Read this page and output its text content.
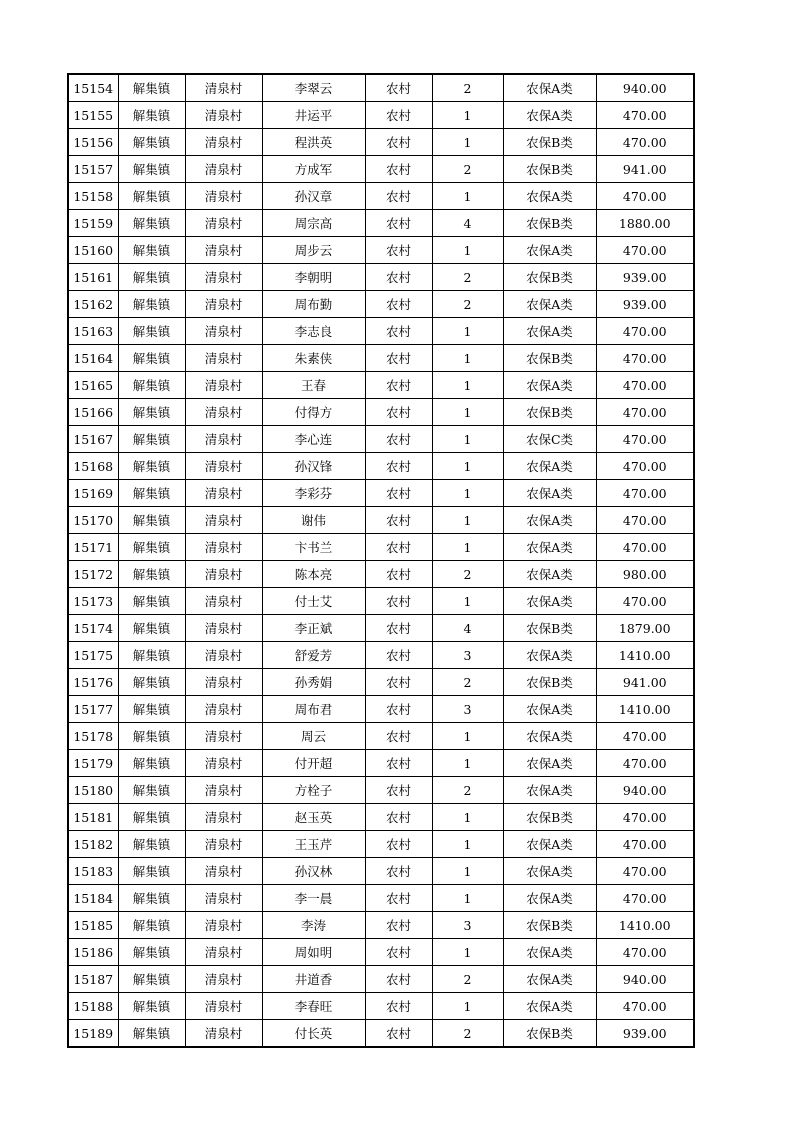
15154	解集镇	清泉村	李翠云	农村	2	农保A类	940.00
15155	解集镇	清泉村	井运平	农村	1	农保A类	470.00
15156	解集镇	清泉村	程洪英	农村	1	农保B类	470.00
15157	解集镇	清泉村	方成军	农村	2	农保B类	941.00
15158	解集镇	清泉村	孙汉章	农村	1	农保A类	470.00
15159	解集镇	清泉村	周宗高	农村	4	农保B类	1880.00
15160	解集镇	清泉村	周步云	农村	1	农保A类	470.00
15161	解集镇	清泉村	李朝明	农村	2	农保B类	939.00
15162	解集镇	清泉村	周布勤	农村	2	农保A类	939.00
15163	解集镇	清泉村	李志良	农村	1	农保A类	470.00
15164	解集镇	清泉村	朱素侠	农村	1	农保B类	470.00
15165	解集镇	清泉村	王春	农村	1	农保A类	470.00
15166	解集镇	清泉村	付得方	农村	1	农保B类	470.00
15167	解集镇	清泉村	李心连	农村	1	农保C类	470.00
15168	解集镇	清泉村	孙汉锋	农村	1	农保A类	470.00
15169	解集镇	清泉村	李彩芬	农村	1	农保A类	470.00
15170	解集镇	清泉村	谢伟	农村	1	农保A类	470.00
15171	解集镇	清泉村	卞书兰	农村	1	农保A类	470.00
15172	解集镇	清泉村	陈本亮	农村	2	农保A类	980.00
15173	解集镇	清泉村	付士艾	农村	1	农保A类	470.00
15174	解集镇	清泉村	李正斌	农村	4	农保B类	1879.00
15175	解集镇	清泉村	舒爱芳	农村	3	农保A类	1410.00
15176	解集镇	清泉村	孙秀娟	农村	2	农保B类	941.00
15177	解集镇	清泉村	周布君	农村	3	农保A类	1410.00
15178	解集镇	清泉村	周云	农村	1	农保A类	470.00
15179	解集镇	清泉村	付开超	农村	1	农保A类	470.00
15180	解集镇	清泉村	方栓子	农村	2	农保A类	940.00
15181	解集镇	清泉村	赵玉英	农村	1	农保B类	470.00
15182	解集镇	清泉村	王玉芹	农村	1	农保A类	470.00
15183	解集镇	清泉村	孙汉林	农村	1	农保A类	470.00
15184	解集镇	清泉村	李一晨	农村	1	农保A类	470.00
15185	解集镇	清泉村	李涛	农村	3	农保B类	1410.00
15186	解集镇	清泉村	周如明	农村	1	农保A类	470.00
15187	解集镇	清泉村	井道香	农村	2	农保A类	940.00
15188	解集镇	清泉村	李春旺	农村	1	农保A类	470.00
15189	解集镇	清泉村	付长英	农村	2	农保B类	939.00
